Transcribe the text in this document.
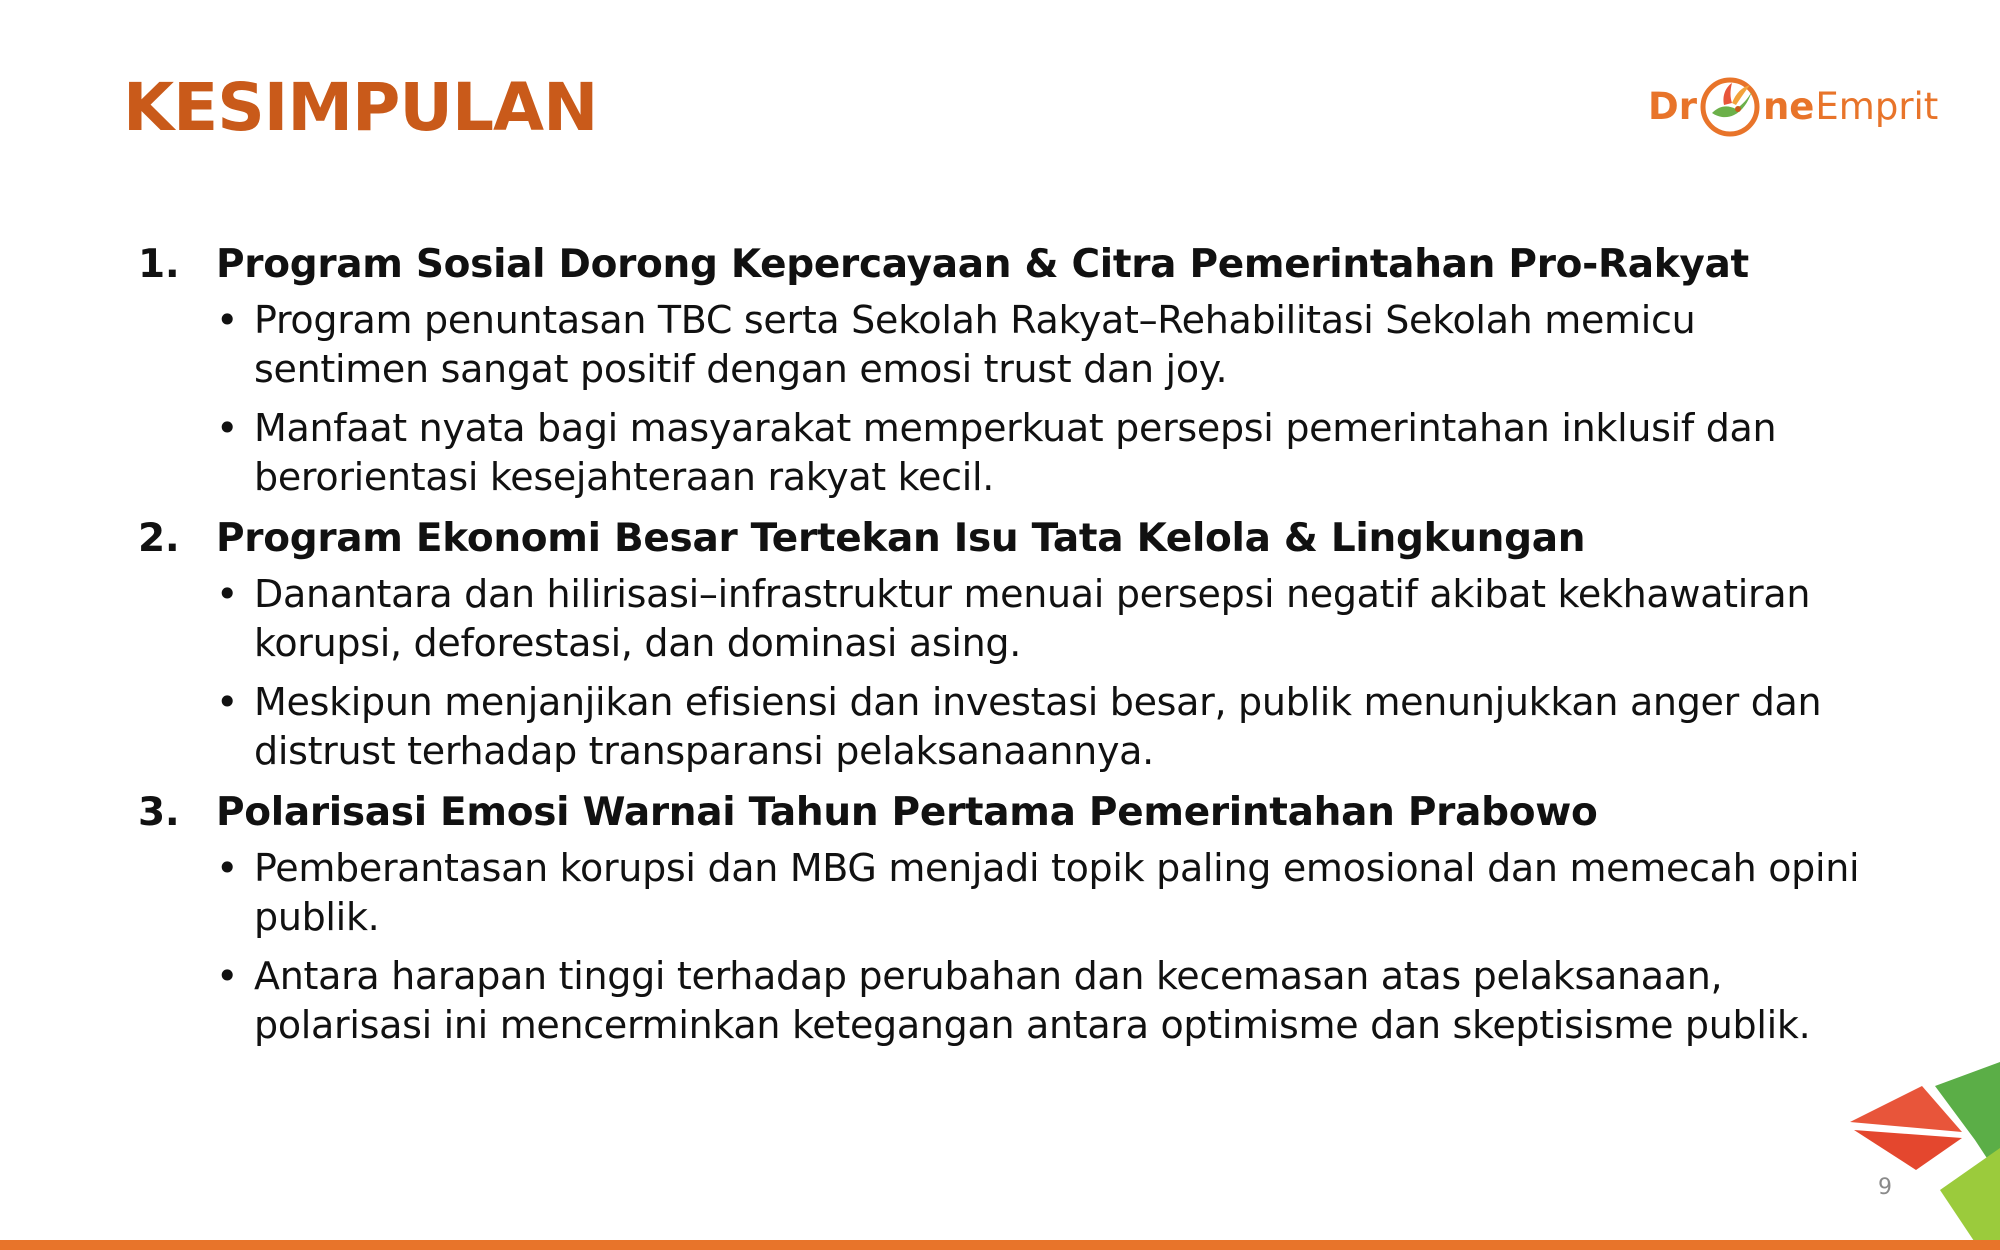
KESIMPULAN	Dr ne Emprit
1. Program Sosial Dorong Kepercayaan & Citra Pemerintahan Pro-Rakyat
• Program penuntasan TBC serta Sekolah Rakyat–Rehabilitasi Sekolah memicu sentimen sangat positif dengan emosi trust dan joy.
• Manfaat nyata bagi masyarakat memperkuat persepsi pemerintahan inklusif dan berorientasi kesejahteraan rakyat kecil.
2. Program Ekonomi Besar Tertekan Isu Tata Kelola & Lingkungan
• Danantara dan hilirisasi–infrastruktur menuai persepsi negatif akibat kekhawatiran korupsi, deforestasi, dan dominasi asing.
• Meskipun menjanjikan efisiensi dan investasi besar, publik menunjukkan anger dan distrust terhadap transparansi pelaksanaannya.
3. Polarisasi Emosi Warnai Tahun Pertama Pemerintahan Prabowo
• Pemberantasan korupsi dan MBG menjadi topik paling emosional dan memecah opini publik.
• Antara harapan tinggi terhadap perubahan dan kecemasan atas pelaksanaan, polarisasi ini mencerminkan ketegangan antara optimisme dan skeptisisme publik.
9
